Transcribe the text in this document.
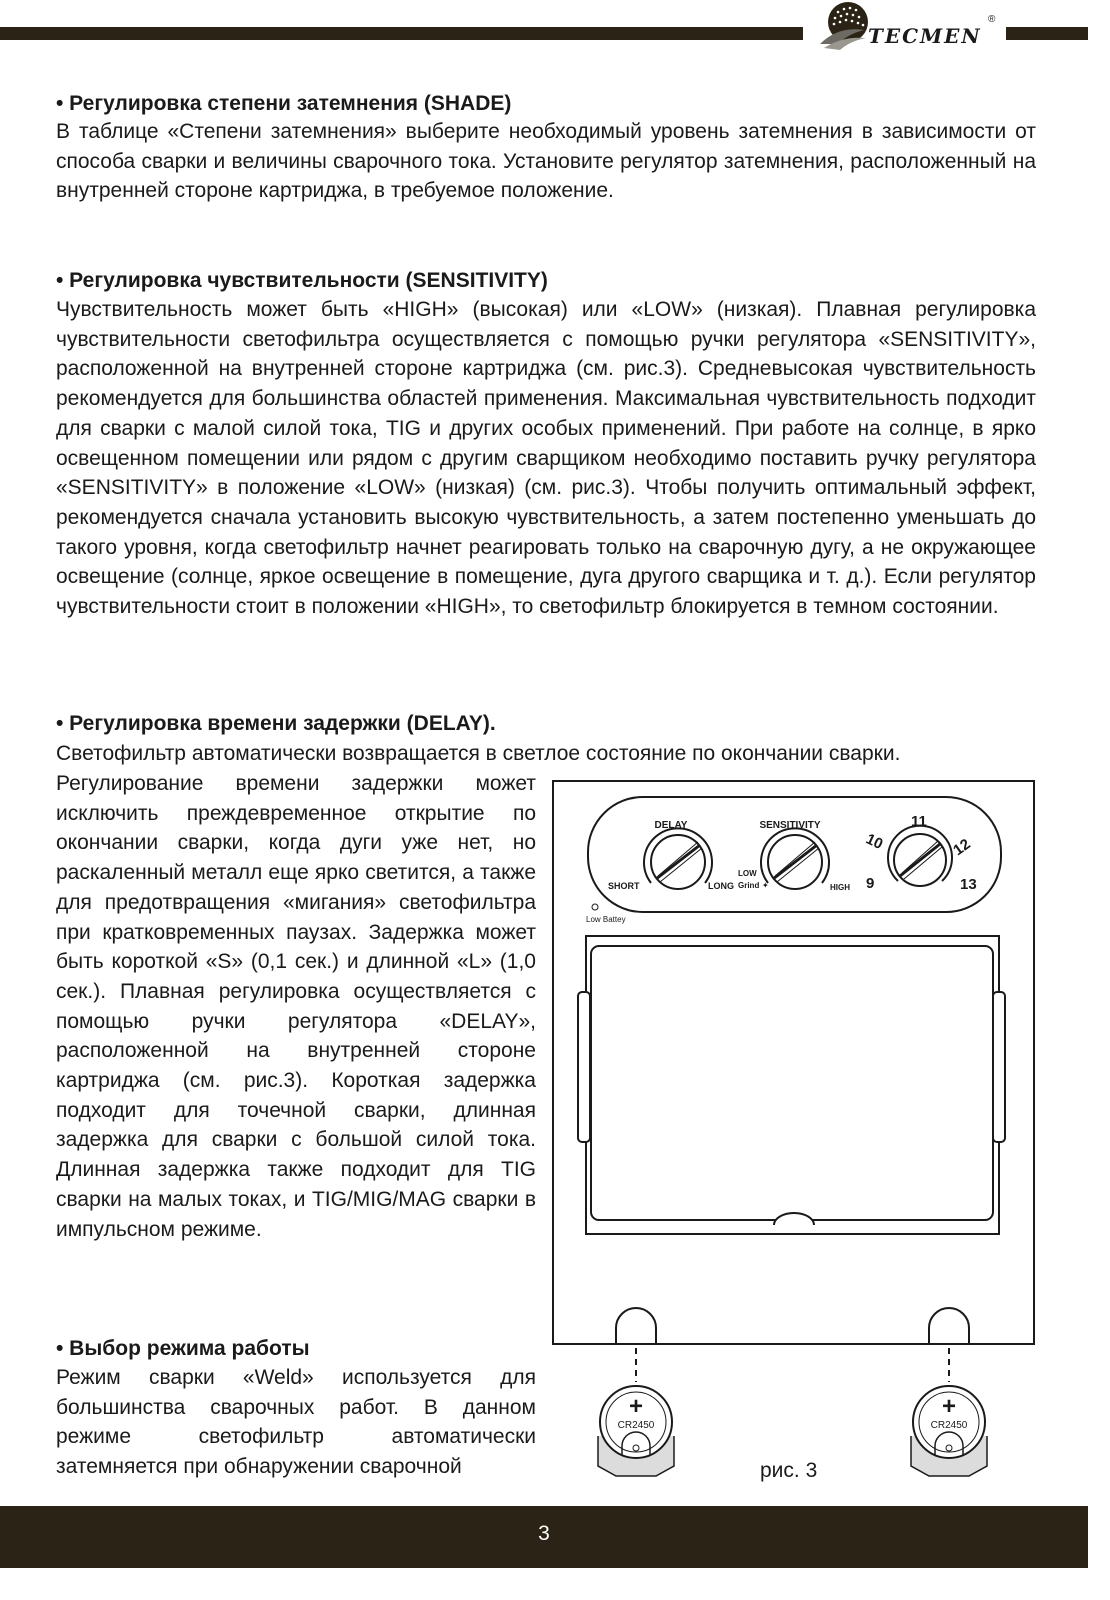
TECMEN
®

• Регулировка степени затемнения (SHADE)

В таблице «Степени затемнения» выберите необходимый уровень затемнения в зависимости от способа сварки и величины сварочного тока. Установите регулятор затемнения, расположенный на внутренней стороне картриджа, в требуемое положение.

• Регулировка чувствительности (SENSITIVITY)

Чувствительность может быть «HIGH» (высокая) или «LOW» (низкая). Плавная регулировка чувствительности светофильтра осуществляется с помощью ручки регулятора «SENSITIVITY», расположенной на внутренней стороне картриджа (см. рис.3). Средневысокая чувствительность рекомендуется для большинства областей применения. Максимальная чувствительность подходит для сварки с малой силой тока, TIG и других особых применений. При работе на солнце, в ярко освещенном помещении или рядом с другим сварщиком необходимо поставить ручку регулятора «SENSITIVITY» в положение «LOW» (низкая) (см. рис.3). Чтобы получить оптимальный эффект, рекомендуется сначала установить высокую чувствительность, а затем постепенно уменьшать до такого уровня, когда светофильтр начнет реагировать только на сварочную дугу, а не окружающее освещение (солнце, яркое освещение в помещение, дуга другого сварщика и т. д.). Если регулятор чувствительности стоит в положении «HIGH», то светофильтр блокируется в темном состоянии.

• Регулировка времени задержки (DELAY).

Светофильтр автоматически возвращается в светлое состояние по окончании сварки.

Регулирование времени задержки может исключить преждевременное открытие по окончании сварки, когда дуги уже нет, но раскаленный металл еще ярко светится, а также для предотвращения «мигания» светофильтра при кратковременных паузах. Задержка может быть короткой «S» (0,1 сек.) и длинной «L» (1,0 сек.). Плавная регулировка осуществляется с помощью ручки регулятора «DELAY», расположенной на внутренней стороне картриджа (см. рис.3). Короткая задержка подходит для точечной сварки, длинная задержка для сварки с большой силой тока. Длинная задержка также подходит для TIG сварки на малых токах, и TIG/MIG/MAG сварки в импульсном режиме.

• Выбор режима работы

Режим сварки «Weld» используется для большинства сварочных работ. В данном режиме светофильтр автоматически затемняется при обнаружении сварочной

DELAY
SHORT	LONG
SENSITIVITY
LOW
Grind ✦	HIGH 9
10
11
12
13
Low Battey
+
CR2450
+
CR2450
рис. 3
3
